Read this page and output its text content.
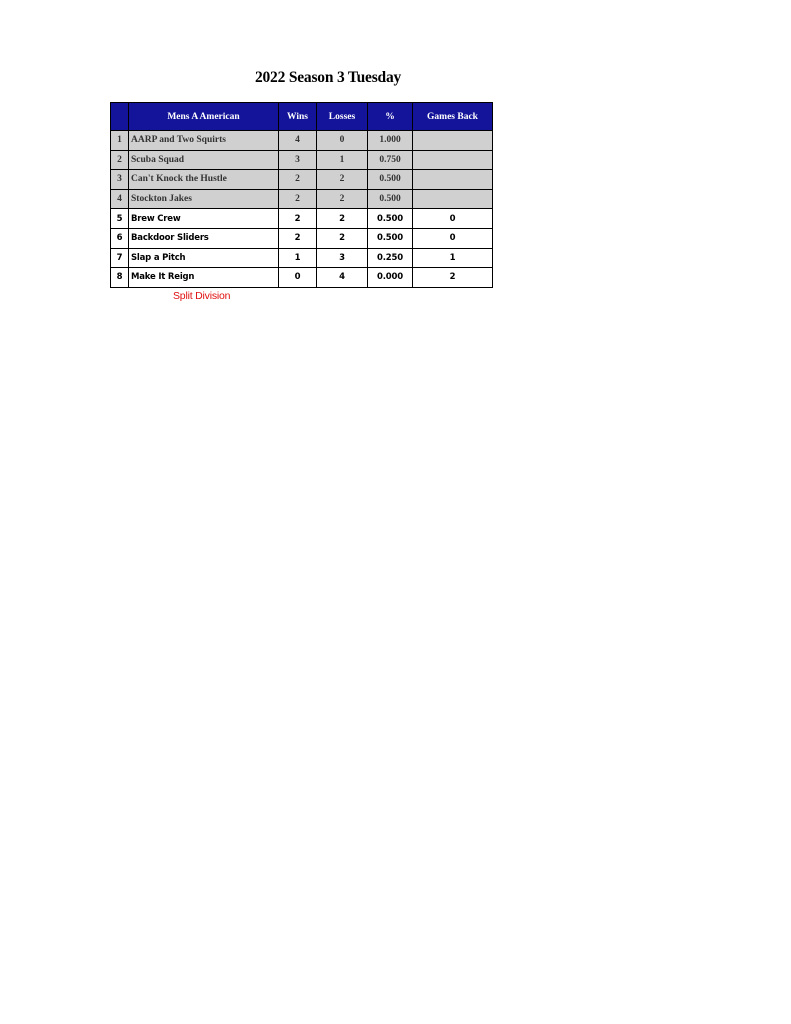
2022 Season 3 Tuesday
	Mens A American	Wins	Losses	%	Games Back
1	AARP and Two Squirts	4	0	1.000	
2	Scuba Squad	3	1	0.750	
3	Can't Knock the Hustle	2	2	0.500	
4	Stockton Jakes	2	2	0.500	
5	Brew Crew	2	2	0.500	0
6	Backdoor Sliders	2	2	0.500	0
7	Slap a Pitch	1	3	0.250	1
8	Make It Reign	0	4	0.000	2
Split Division
